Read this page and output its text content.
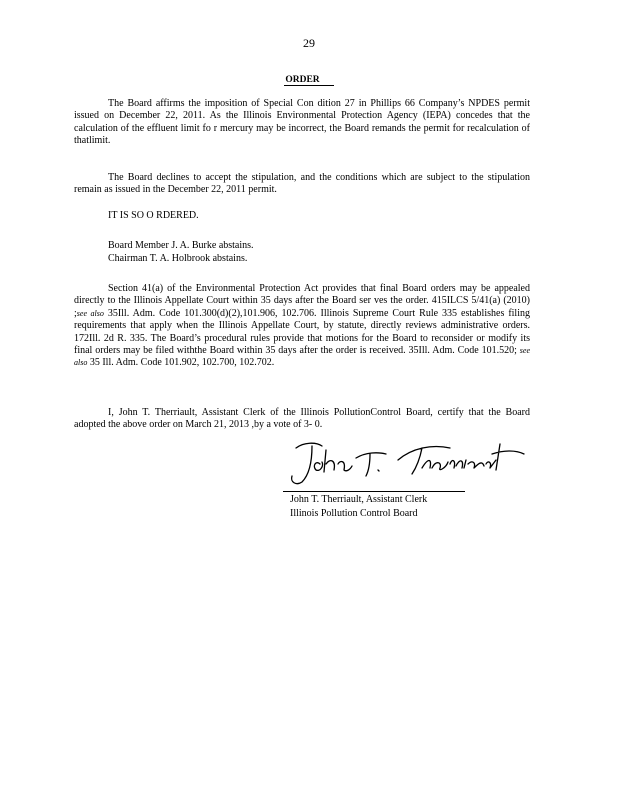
29
ORDER

The Board affirms the imposition of Special Con dition 27 in Phillips 66 Company’s NPDES permit issued on December 22, 2011. As the Illinois Environmental Protection Agency (IEPA) concedes that the calculation of the effluent limit fo r mercury may be incorrect, the Board remands the permit for recalculation of thatlimit.

The Board declines to accept the stipulation, and the conditions which are subject to the stipulation remain as issued in the December 22, 2011 permit.

IT IS SO O RDERED.
Board Member J. A. Burke abstains.
Chairman T. A. Holbrook abstains.

Section 41(a) of the Environmental Protection Act provides that final Board orders may be appealed directly to the Illinois Appellate Court within 35 days after the Board ser ves the order. 415ILCS 5/41(a) (2010) ;see also 35Ill. Adm. Code 101.300(d)(2),101.906, 102.706. Illinois Supreme Court Rule 335 establishes filing requirements that apply when the Illinois Appellate Court, by statute, directly reviews administrative orders. 172Ill. 2d R. 335. The Board’s procedural rules provide that motions for the Board to reconsider or modify its final orders may be filed withthe Board within 35 days after the order is received. 35Ill. Adm. Code 101.520; see also 35 Ill. Adm. Code 101.902, 102.700, 102.702.

I, John T. Therriault, Assistant Clerk of the Illinois PollutionControl Board, certify that the Board adopted the above order on March 21, 2013 ,by a vote of 3- 0.

John T. Therriault, Assistant Clerk
Illinois Pollution Control Board
